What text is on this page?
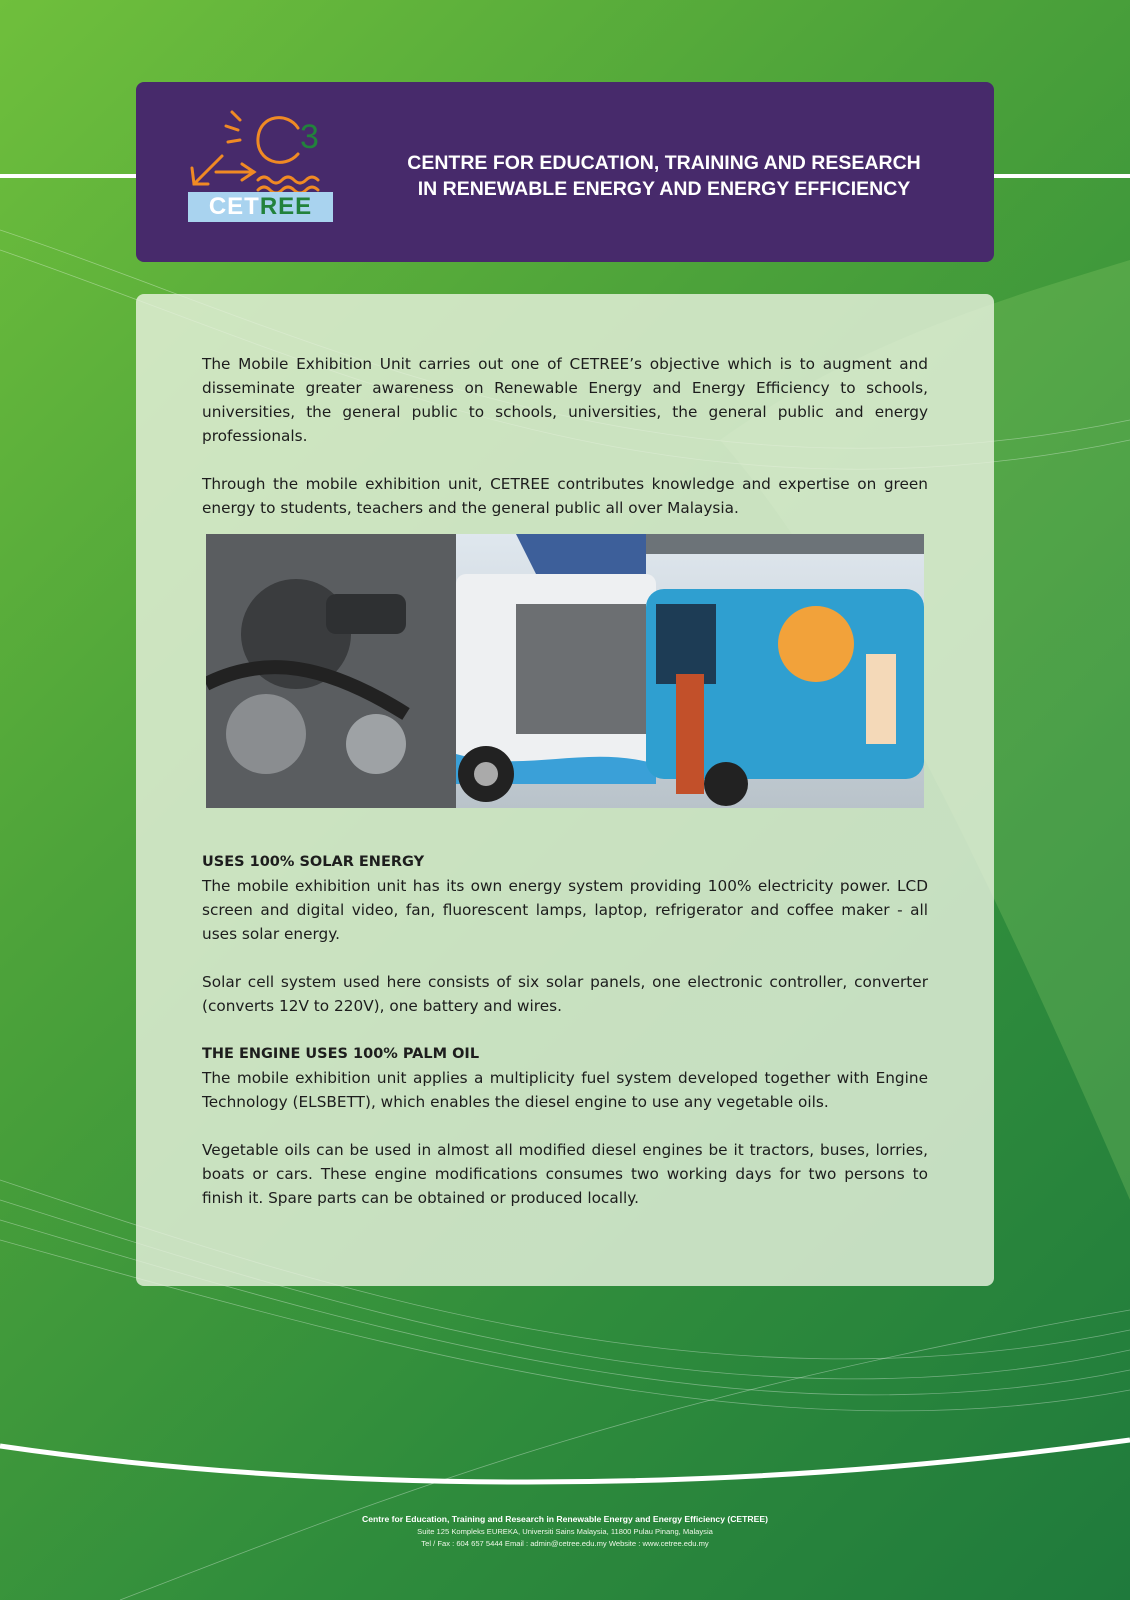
3
CETREE
CENTRE FOR EDUCATION, TRAINING AND RESEARCH
IN RENEWABLE ENERGY AND ENERGY EFFICIENCY

The Mobile Exhibition Unit carries out one of CETREE’s objective which is to augment and disseminate greater awareness on Renewable Energy and Energy Efficiency to schools, universities, the general public to schools, universities, the general public and energy professionals.

Through the mobile exhibition unit, CETREE contributes knowledge and expertise on green energy to students, teachers and the general public all over Malaysia.

USES 100% SOLAR ENERGY

The mobile exhibition unit has its own energy system providing 100% electricity power. LCD screen and digital video, fan, fluorescent lamps, laptop, refrigerator and coffee maker - all uses solar energy.

Solar cell system used here consists of six solar panels, one electronic controller, converter (converts 12V to 220V), one battery and wires.

THE ENGINE USES 100% PALM OIL

The mobile exhibition unit applies a multiplicity fuel system developed together with Engine Technology (ELSBETT), which enables the diesel engine to use any vegetable oils.

Vegetable oils can be used in almost all modified diesel engines be it tractors, buses, lorries, boats or cars. These engine modifications consumes two working days for two persons to finish it. Spare parts can be obtained or produced locally.

Centre for Education, Training and Research in Renewable Energy and Energy Efficiency (CETREE)
Suite 125 Kompleks EUREKA, Universiti Sains Malaysia, 11800 Pulau Pinang, Malaysia
Tel / Fax : 604 657 5444 Email : admin@cetree.edu.my Website : www.cetree.edu.my
